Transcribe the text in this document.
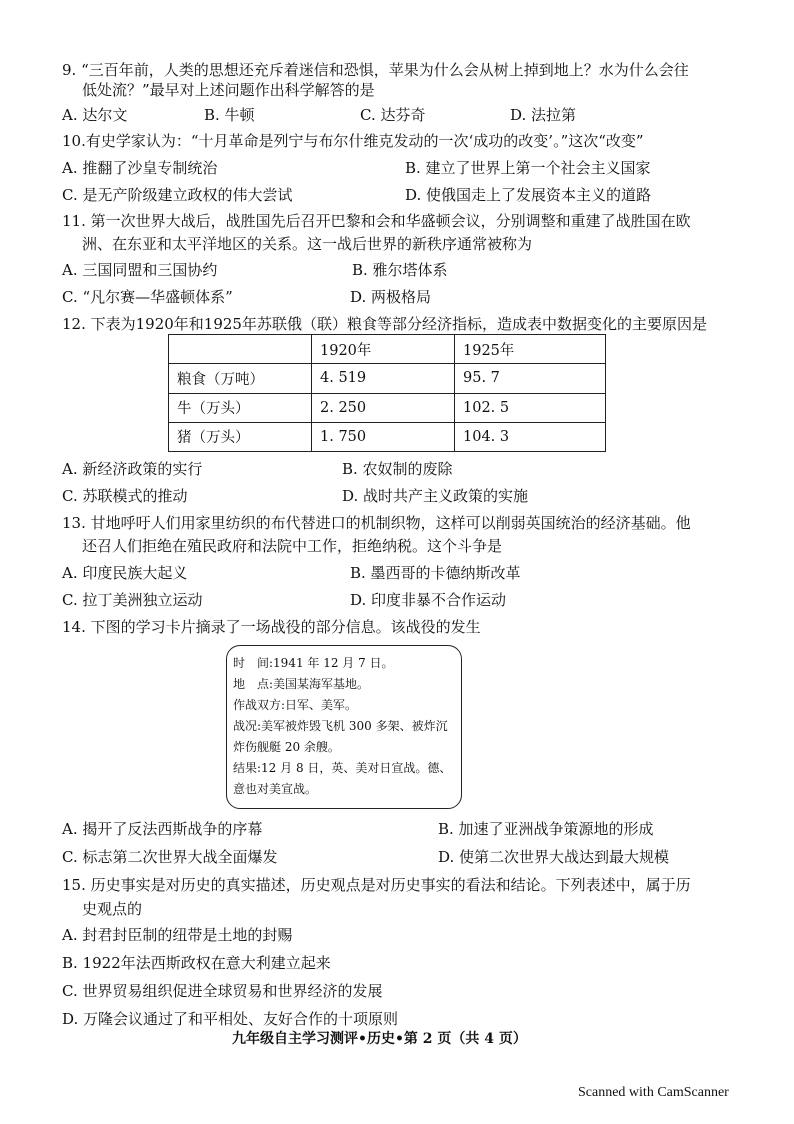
9. “三百年前，人类的思想还充斥着迷信和恐惧，苹果为什么会从树上掉到地上？水为什么会往
低处流？”最早对上述问题作出科学解答的是
A. 达尔文	B. 牛顿	C. 达芬奇	D. 法拉第
10.有史学家认为：“十月革命是列宁与布尔什维克发动的一次‘成功的改变’。”这次“改变”
A. 推翻了沙皇专制统治	B. 建立了世界上第一个社会主义国家
C. 是无产阶级建立政权的伟大尝试	D. 使俄国走上了发展资本主义的道路
11. 第一次世界大战后，战胜国先后召开巴黎和会和华盛顿会议，分别调整和重建了战胜国在欧
洲、在东亚和太平洋地区的关系。这一战后世界的新秩序通常被称为
A. 三国同盟和三国协约	B. 雅尔塔体系
C. “凡尔赛—华盛顿体系”	D. 两极格局
12. 下表为1920年和1925年苏联俄（联）粮食等部分经济指标，造成表中数据变化的主要原因是
	1920年	1925年
粮食（万吨）	4. 519	95. 7
牛（万头）	2. 250	102. 5
猪（万头）	1. 750	104. 3
A. 新经济政策的实行	B. 农奴制的废除
C. 苏联模式的推动	D. 战时共产主义政策的实施
13. 甘地呼吁人们用家里纺织的布代替进口的机制织物，这样可以削弱英国统治的经济基础。他
还召人们拒绝在殖民政府和法院中工作，拒绝纳税。这个斗争是
A. 印度民族大起义	B. 墨西哥的卡德纳斯改革
C. 拉丁美洲独立运动	D. 印度非暴不合作运动
14. 下图的学习卡片摘录了一场战役的部分信息。该战役的发生
时　间:1941 年 12 月 7 日。
地　点:美国某海军基地。
作战双方:日军、美军。
战况:美军被炸毁飞机 300 多架、被炸沉
炸伤舰艇 20 余艘。
结果:12 月 8 日，英、美对日宣战。德、
意也对美宣战。
A. 揭开了反法西斯战争的序幕	B. 加速了亚洲战争策源地的形成
C. 标志第二次世界大战全面爆发	D. 使第二次世界大战达到最大规模
15. 历史事实是对历史的真实描述，历史观点是对历史事实的看法和结论。下列表述中，属于历
史观点的
A. 封君封臣制的纽带是土地的封赐
B. 1922年法西斯政权在意大利建立起来
C. 世界贸易组织促进全球贸易和世界经济的发展
D. 万隆会议通过了和平相处、友好合作的十项原则
九年级自主学习测评•历史•第 2 页（共 4 页）
Scanned with CamScanner
